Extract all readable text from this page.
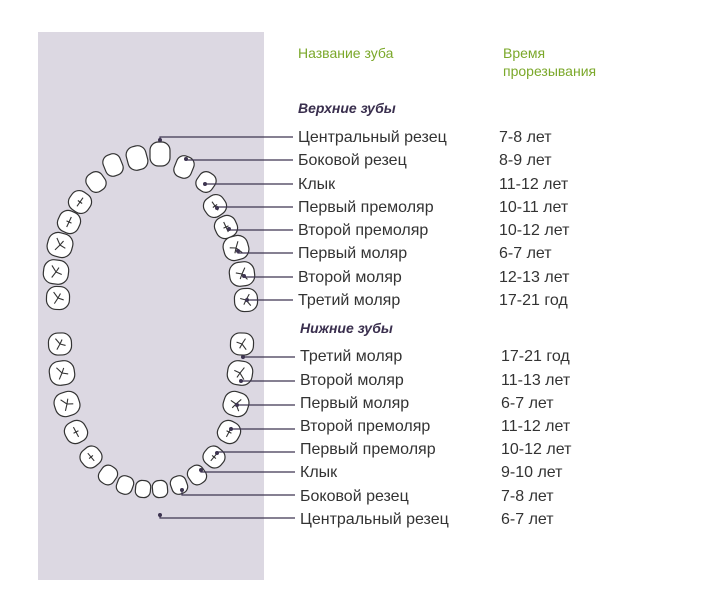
Название зуба	Время
прорезывания
Верхние зубы
Нижние зубы
Центральный резец	7-8 лет
Боковой резец	8-9 лет
Клык	11-12 лет
Первый премоляр	10-11 лет
Второй премоляр	10-12 лет
Первый моляр	6-7 лет
Второй моляр	12-13 лет
Третий моляр	17-21 год
Третий моляр	17-21 год
Второй моляр	11-13 лет
Первый моляр	6-7 лет
Второй премоляр	11-12 лет
Первый премоляр	10-12 лет
Клык	9-10 лет
Боковой резец	7-8 лет
Центральный резец	6-7 лет
